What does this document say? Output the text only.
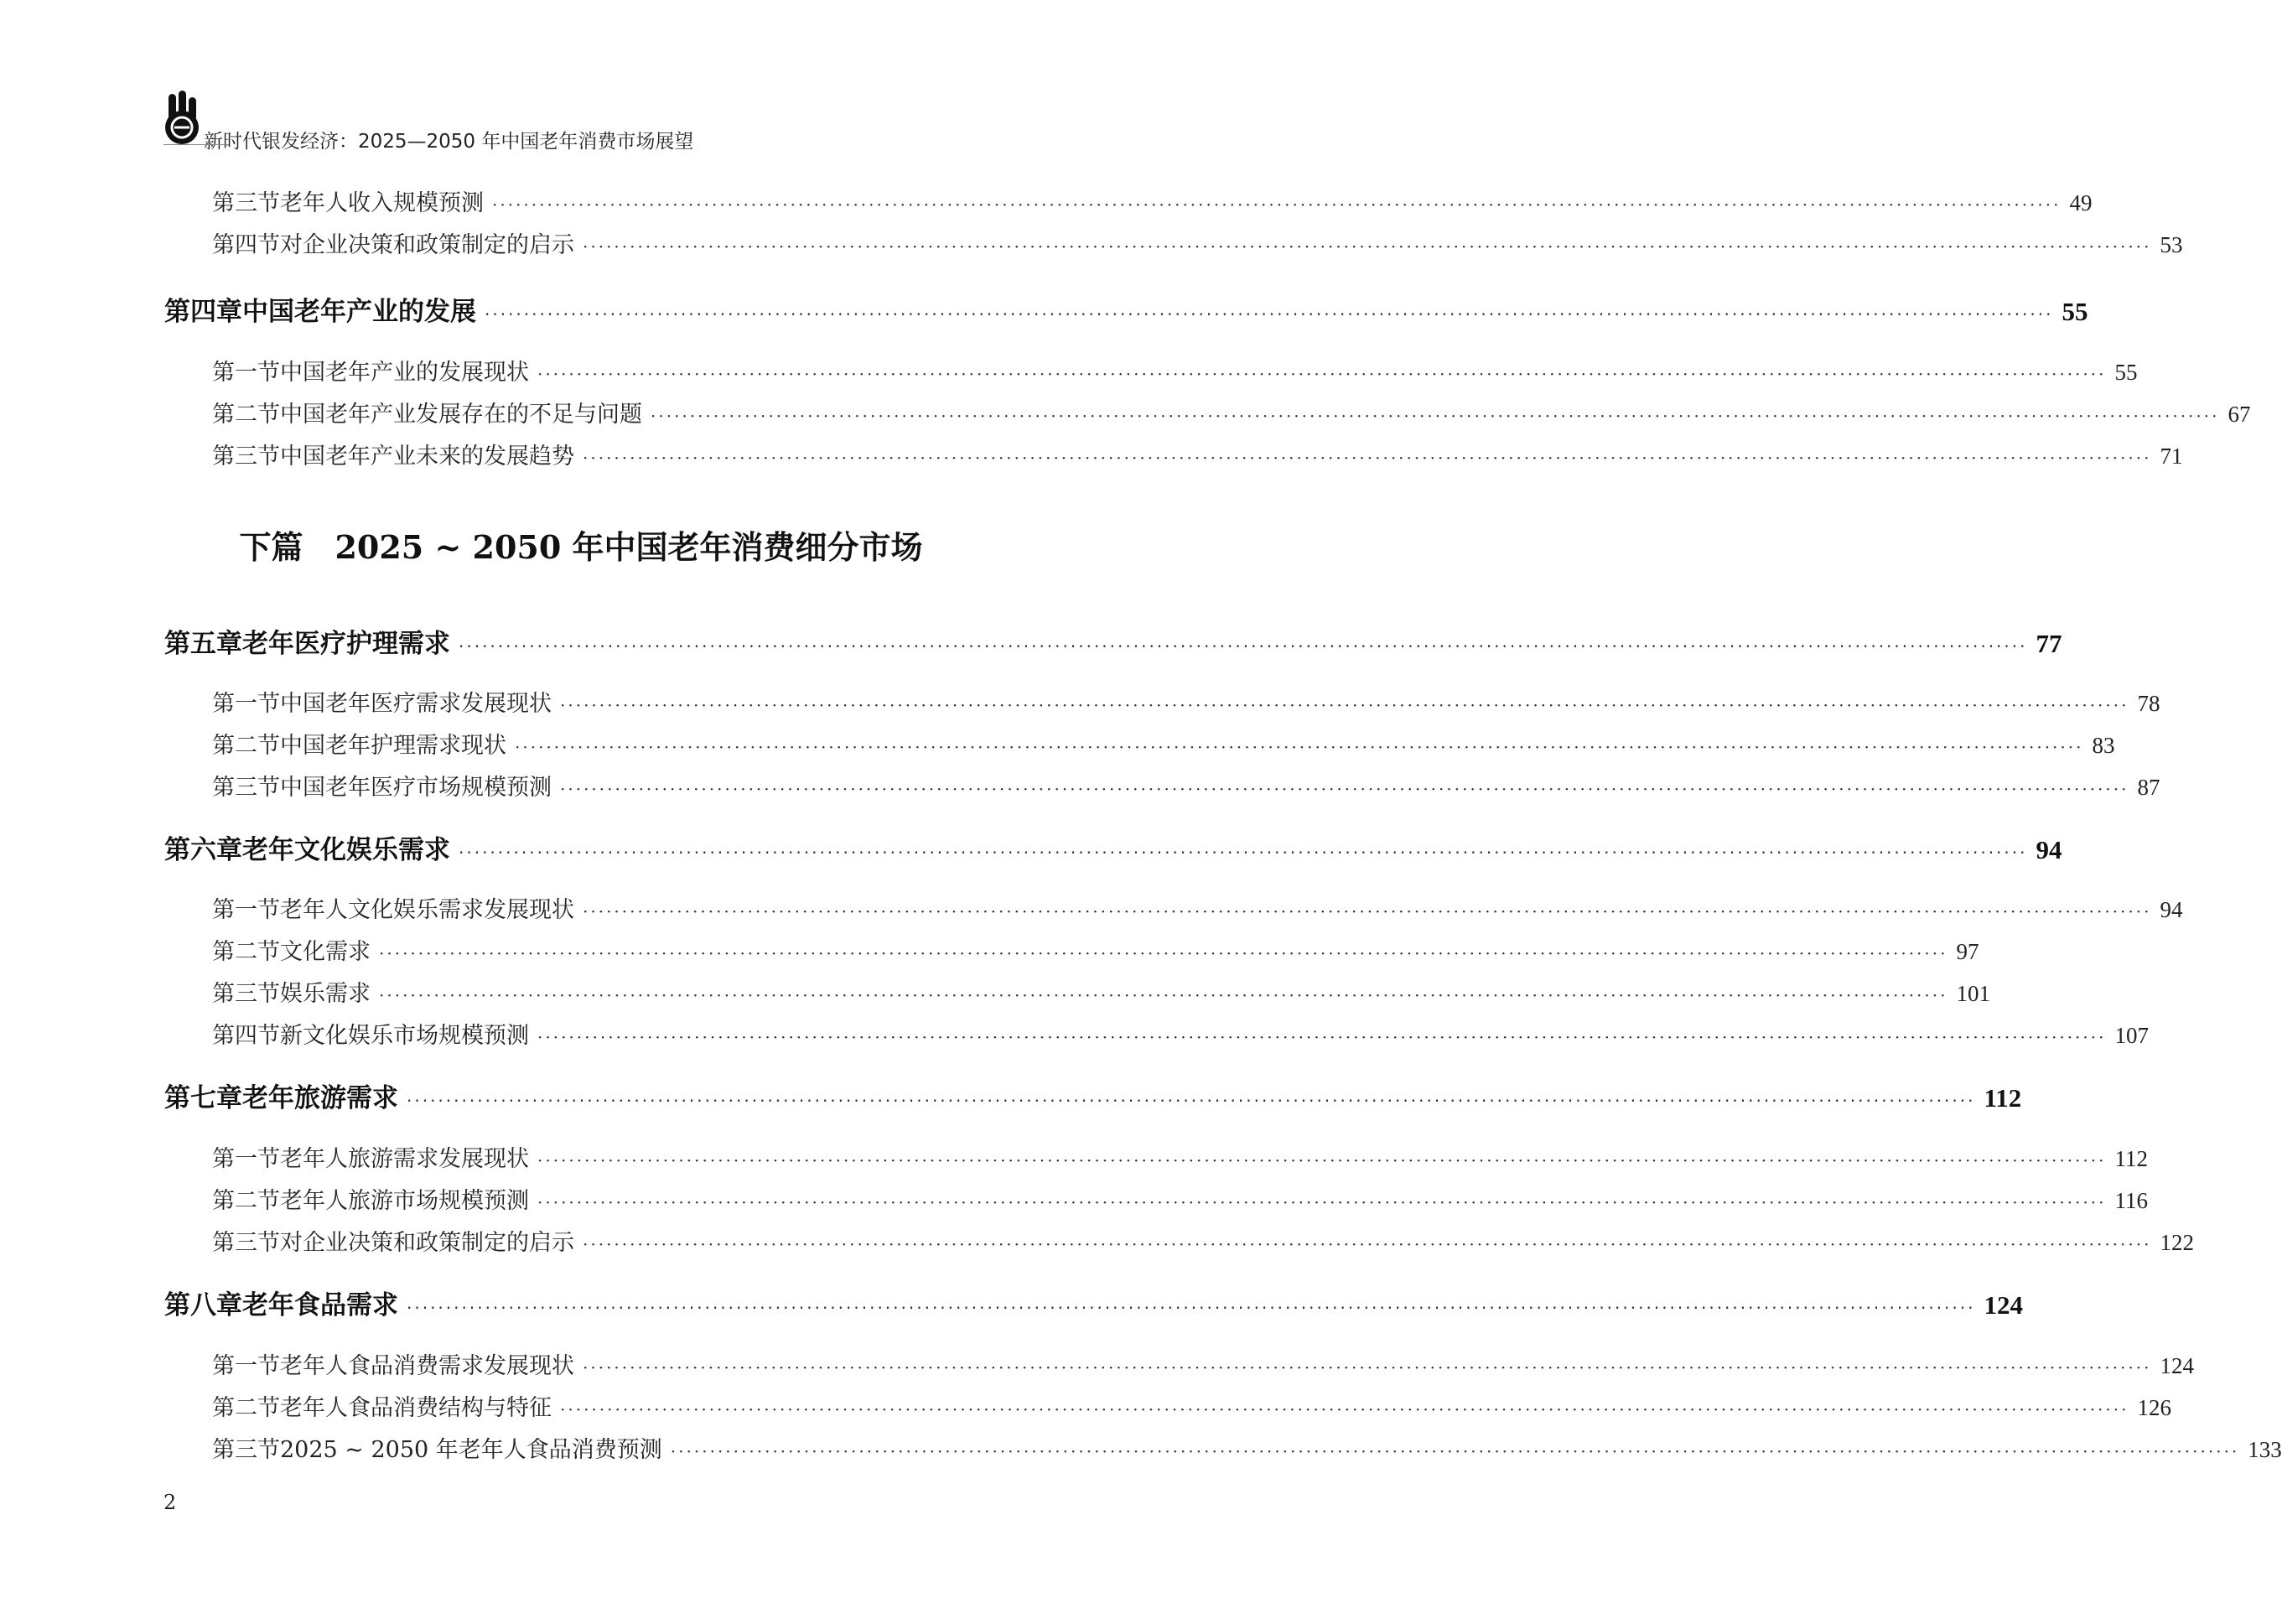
新时代银发经济：2025—2050 年中国老年消费市场展望
第三节 老年人收入规模预测 ········································································································································································································ 49
第四节 对企业决策和政策制定的启示 ········································································································································································································ 53
第四章 中国老年产业的发展 ········································································································································································································ 55
第一节 中国老年产业的发展现状 ········································································································································································································ 55
第二节 中国老年产业发展存在的不足与问题 ········································································································································································································ 67
第三节 中国老年产业未来的发展趋势 ········································································································································································································ 71
第五章 老年医疗护理需求 ········································································································································································································ 77
第一节 中国老年医疗需求发展现状 ········································································································································································································ 78
第二节 中国老年护理需求现状 ········································································································································································································ 83
第三节 中国老年医疗市场规模预测 ········································································································································································································ 87
第六章 老年文化娱乐需求 ········································································································································································································ 94
第一节 老年人文化娱乐需求发展现状 ········································································································································································································ 94
第二节 文化需求 ········································································································································································································ 97
第三节 娱乐需求 ········································································································································································································ 101
第四节 新文化娱乐市场规模预测 ········································································································································································································ 107
第七章 老年旅游需求 ········································································································································································································ 112
第一节 老年人旅游需求发展现状 ········································································································································································································ 112
第二节 老年人旅游市场规模预测 ········································································································································································································ 116
第三节 对企业决策和政策制定的启示 ········································································································································································································ 122
第八章 老年食品需求 ········································································································································································································ 124
第一节 老年人食品消费需求发展现状 ········································································································································································································ 124
第二节 老年人食品消费结构与特征 ········································································································································································································ 126
第三节 2025 ~ 2050 年老年人食品消费预测 ········································································································································································································ 133
下篇　2025 ~ 2050 年中国老年消费细分市场
2
